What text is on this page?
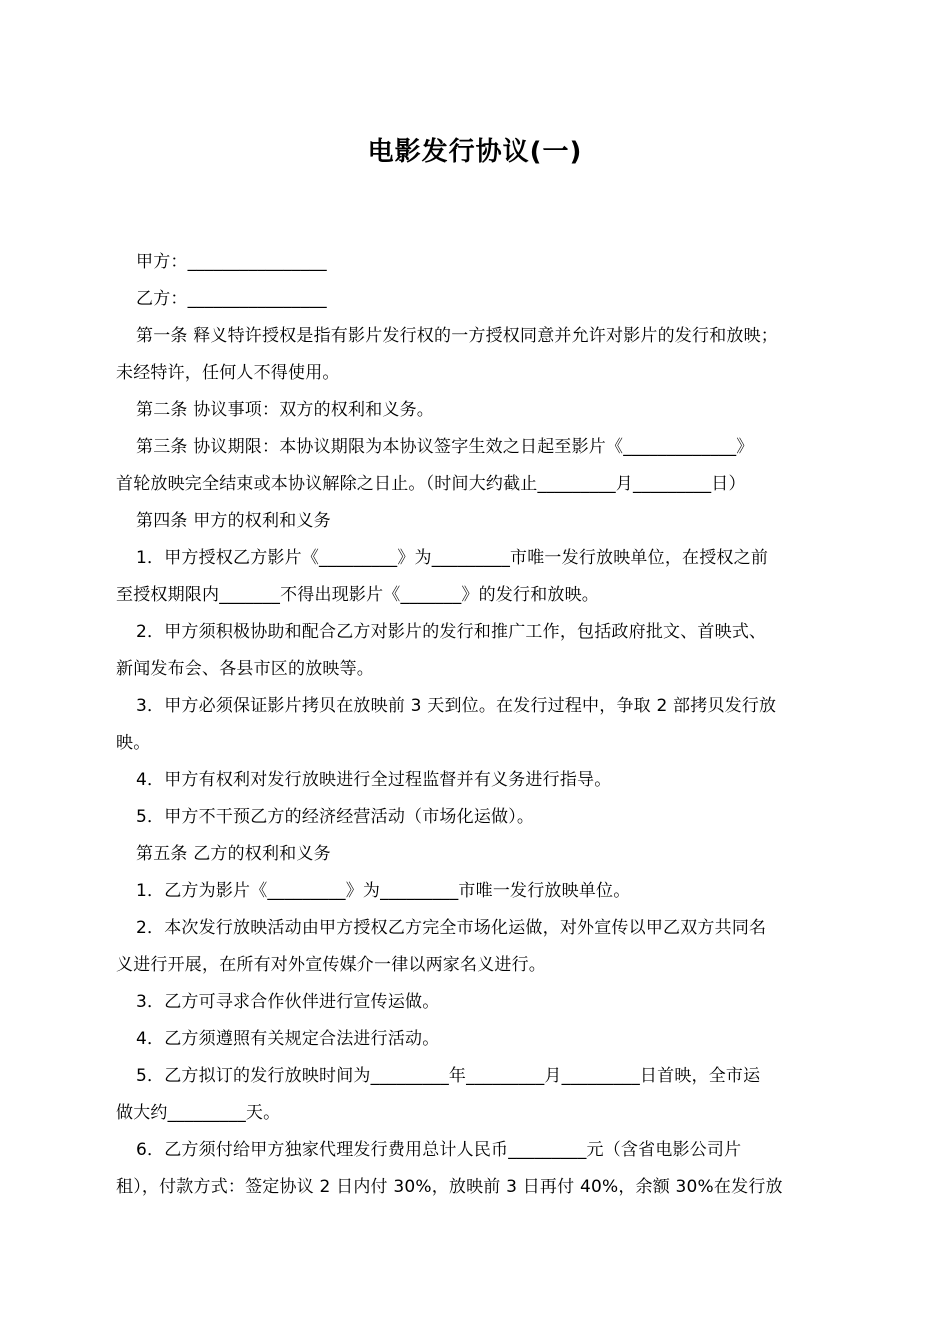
电影发行协议(一)

甲方：________________

乙方：________________

第一条 释义特许授权是指有影片发行权的一方授权同意并允许对影片的发行和放映；

未经特许，任何人不得使用。

第二条 协议事项：双方的权利和义务。

第三条 协议期限：本协议期限为本协议签字生效之日起至影片《_____________》

首轮放映完全结束或本协议解除之日止。（时间大约截止_________月_________日）

第四条 甲方的权利和义务

1．甲方授权乙方影片《_________》为_________市唯一发行放映单位，在授权之前

至授权期限内_______不得出现影片《_______》的发行和放映。

2．甲方须积极协助和配合乙方对影片的发行和推广工作，包括政府批文、首映式、

新闻发布会、各县市区的放映等。

3．甲方必须保证影片拷贝在放映前 3 天到位。在发行过程中，争取 2 部拷贝发行放

映。

4．甲方有权利对发行放映进行全过程监督并有义务进行指导。

5．甲方不干预乙方的经济经营活动（市场化运做）。

第五条 乙方的权利和义务

1．乙方为影片《_________》为_________市唯一发行放映单位。

2．本次发行放映活动由甲方授权乙方完全市场化运做，对外宣传以甲乙双方共同名

义进行开展，在所有对外宣传媒介一律以两家名义进行。

3．乙方可寻求合作伙伴进行宣传运做。

4．乙方须遵照有关规定合法进行活动。

5．乙方拟订的发行放映时间为_________年_________月_________日首映，全市运

做大约_________天。

6．乙方须付给甲方独家代理发行费用总计人民币_________元（含省电影公司片

租），付款方式：签定协议 2 日内付 30%，放映前 3 日再付 40%，余额 30%在发行放
